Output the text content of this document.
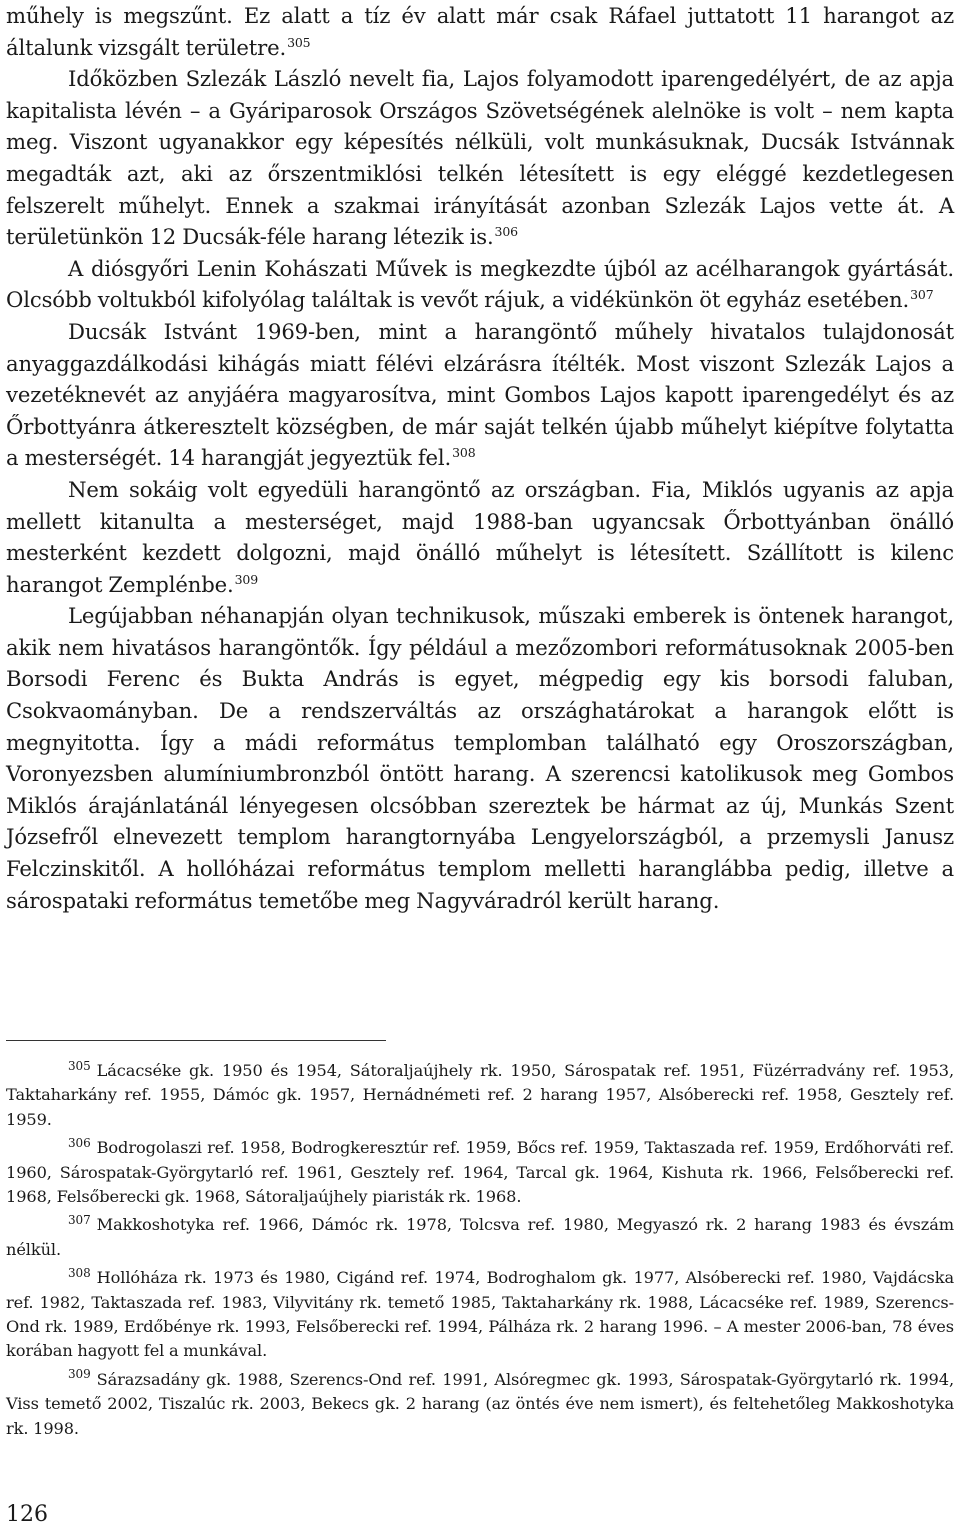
műhely is megszűnt. Ez alatt a tíz év alatt már csak Ráfael juttatott 11 harangot az általunk vizsgált területre.$^{305}$

Időközben Szlezák László nevelt fia, Lajos folyamodott iparengedélyért, de az apja kapitalista lévén – a Gyáriparosok Országos Szövetségének alelnöke is volt – nem kapta meg. Viszont ugyanakkor egy képesítés nélküli, volt munkásuknak, Ducsák Istvánnak megadták azt, aki az őrszentmiklósi telkén létesített is egy eléggé kezdetlegesen felszerelt műhelyt. Ennek a szakmai irányítását azonban Szlezák Lajos vette át. A területünkön 12 Ducsák-féle harang létezik is.$^{306}$

A diósgyőri Lenin Kohászati Művek is megkezdte újból az acélharangok gyártását. Olcsóbb voltukból kifolyólag találtak is vevőt rájuk, a vidékünkön öt egyház esetében.$^{307}$

Ducsák Istvánt 1969-ben, mint a harangöntő műhely hivatalos tulajdonosát anyaggazdálkodási kihágás miatt félévi elzárásra ítélték. Most viszont Szlezák Lajos a vezetéknevét az anyjáéra magyarosítva, mint Gombos Lajos kapott iparengedélyt és az Őrbottyánra átkeresztelt községben, de már saját telkén újabb műhelyt kiépítve folytatta a mesterségét. 14 harangját jegyeztük fel.$^{308}$

Nem sokáig volt egyedüli harangöntő az országban. Fia, Miklós ugyanis az apja mellett kitanulta a mesterséget, majd 1988-ban ugyancsak Őrbottyánban önálló mesterként kezdett dolgozni, majd önálló műhelyt is létesített. Szállított is kilenc harangot Zemplénbe.$^{309}$

Legújabban néhanapján olyan technikusok, műszaki emberek is öntenek harangot, akik nem hivatásos harangöntők. Így például a mezőzombori reformátusoknak 2005-ben Borsodi Ferenc és Bukta András is egyet, mégpedig egy kis borsodi faluban, Csokvaományban. De a rendszerváltás az országhatárokat a harangok előtt is megnyitotta. Így a mádi református templomban található egy Oroszországban, Voronyezsben alumíniumbronzból öntött harang. A szerencsi katolikusok meg Gombos Miklós árajánlatánál lényegesen olcsóbban szereztek be hármat az új, Munkás Szent Józsefről elnevezett templom harangtornyába Lengyelországból, a przemysli Janusz Felczinskitől. A hollóházai református templom melletti haranglábba pedig, illetve a sárospataki református temetőbe meg Nagyváradról került harang.

$^{305}$ Lácacséke gk. 1950 és 1954, Sátoraljaújhely rk. 1950, Sárospatak ref. 1951, Füzérradvány ref. 1953, Taktaharkány ref. 1955, Dámóc gk. 1957, Hernádnémeti ref. 2 harang 1957, Alsóberecki ref. 1958, Gesztely ref. 1959.

$^{306}$ Bodrogolaszi ref. 1958, Bodrogkeresztúr ref. 1959, Bőcs ref. 1959, Taktaszada ref. 1959, Erdőhorváti ref. 1960, Sárospatak-Györgytarló ref. 1961, Gesztely ref. 1964, Tarcal gk. 1964, Kishuta rk. 1966, Felsőberecki ref. 1968, Felsőberecki gk. 1968, Sátoraljaújhely piaristák rk. 1968.

$^{307}$ Makkoshotyka ref. 1966, Dámóc rk. 1978, Tolcsva ref. 1980, Megyaszó rk. 2 harang 1983 és évszám nélkül.

$^{308}$ Hollóháza rk. 1973 és 1980, Cigánd ref. 1974, Bodroghalom gk. 1977, Alsóberecki ref. 1980, Vajdácska ref. 1982, Taktaszada ref. 1983, Vilyvitány rk. temető 1985, Taktaharkány rk. 1988, Lácacséke ref. 1989, Szerencs-Ond rk. 1989, Erdőbénye rk. 1993, Felsőberecki ref. 1994, Pálháza rk. 2 harang 1996. – A mester 2006-ban, 78 éves korában hagyott fel a munkával.

$^{309}$ Sárazsadány gk. 1988, Szerencs-Ond ref. 1991, Alsóregmec gk. 1993, Sárospatak-Györgytarló rk. 1994, Viss temető 2002, Tiszalúc rk. 2003, Bekecs gk. 2 harang (az öntés éve nem ismert), és feltehetőleg Makkoshotyka rk. 1998.

126
